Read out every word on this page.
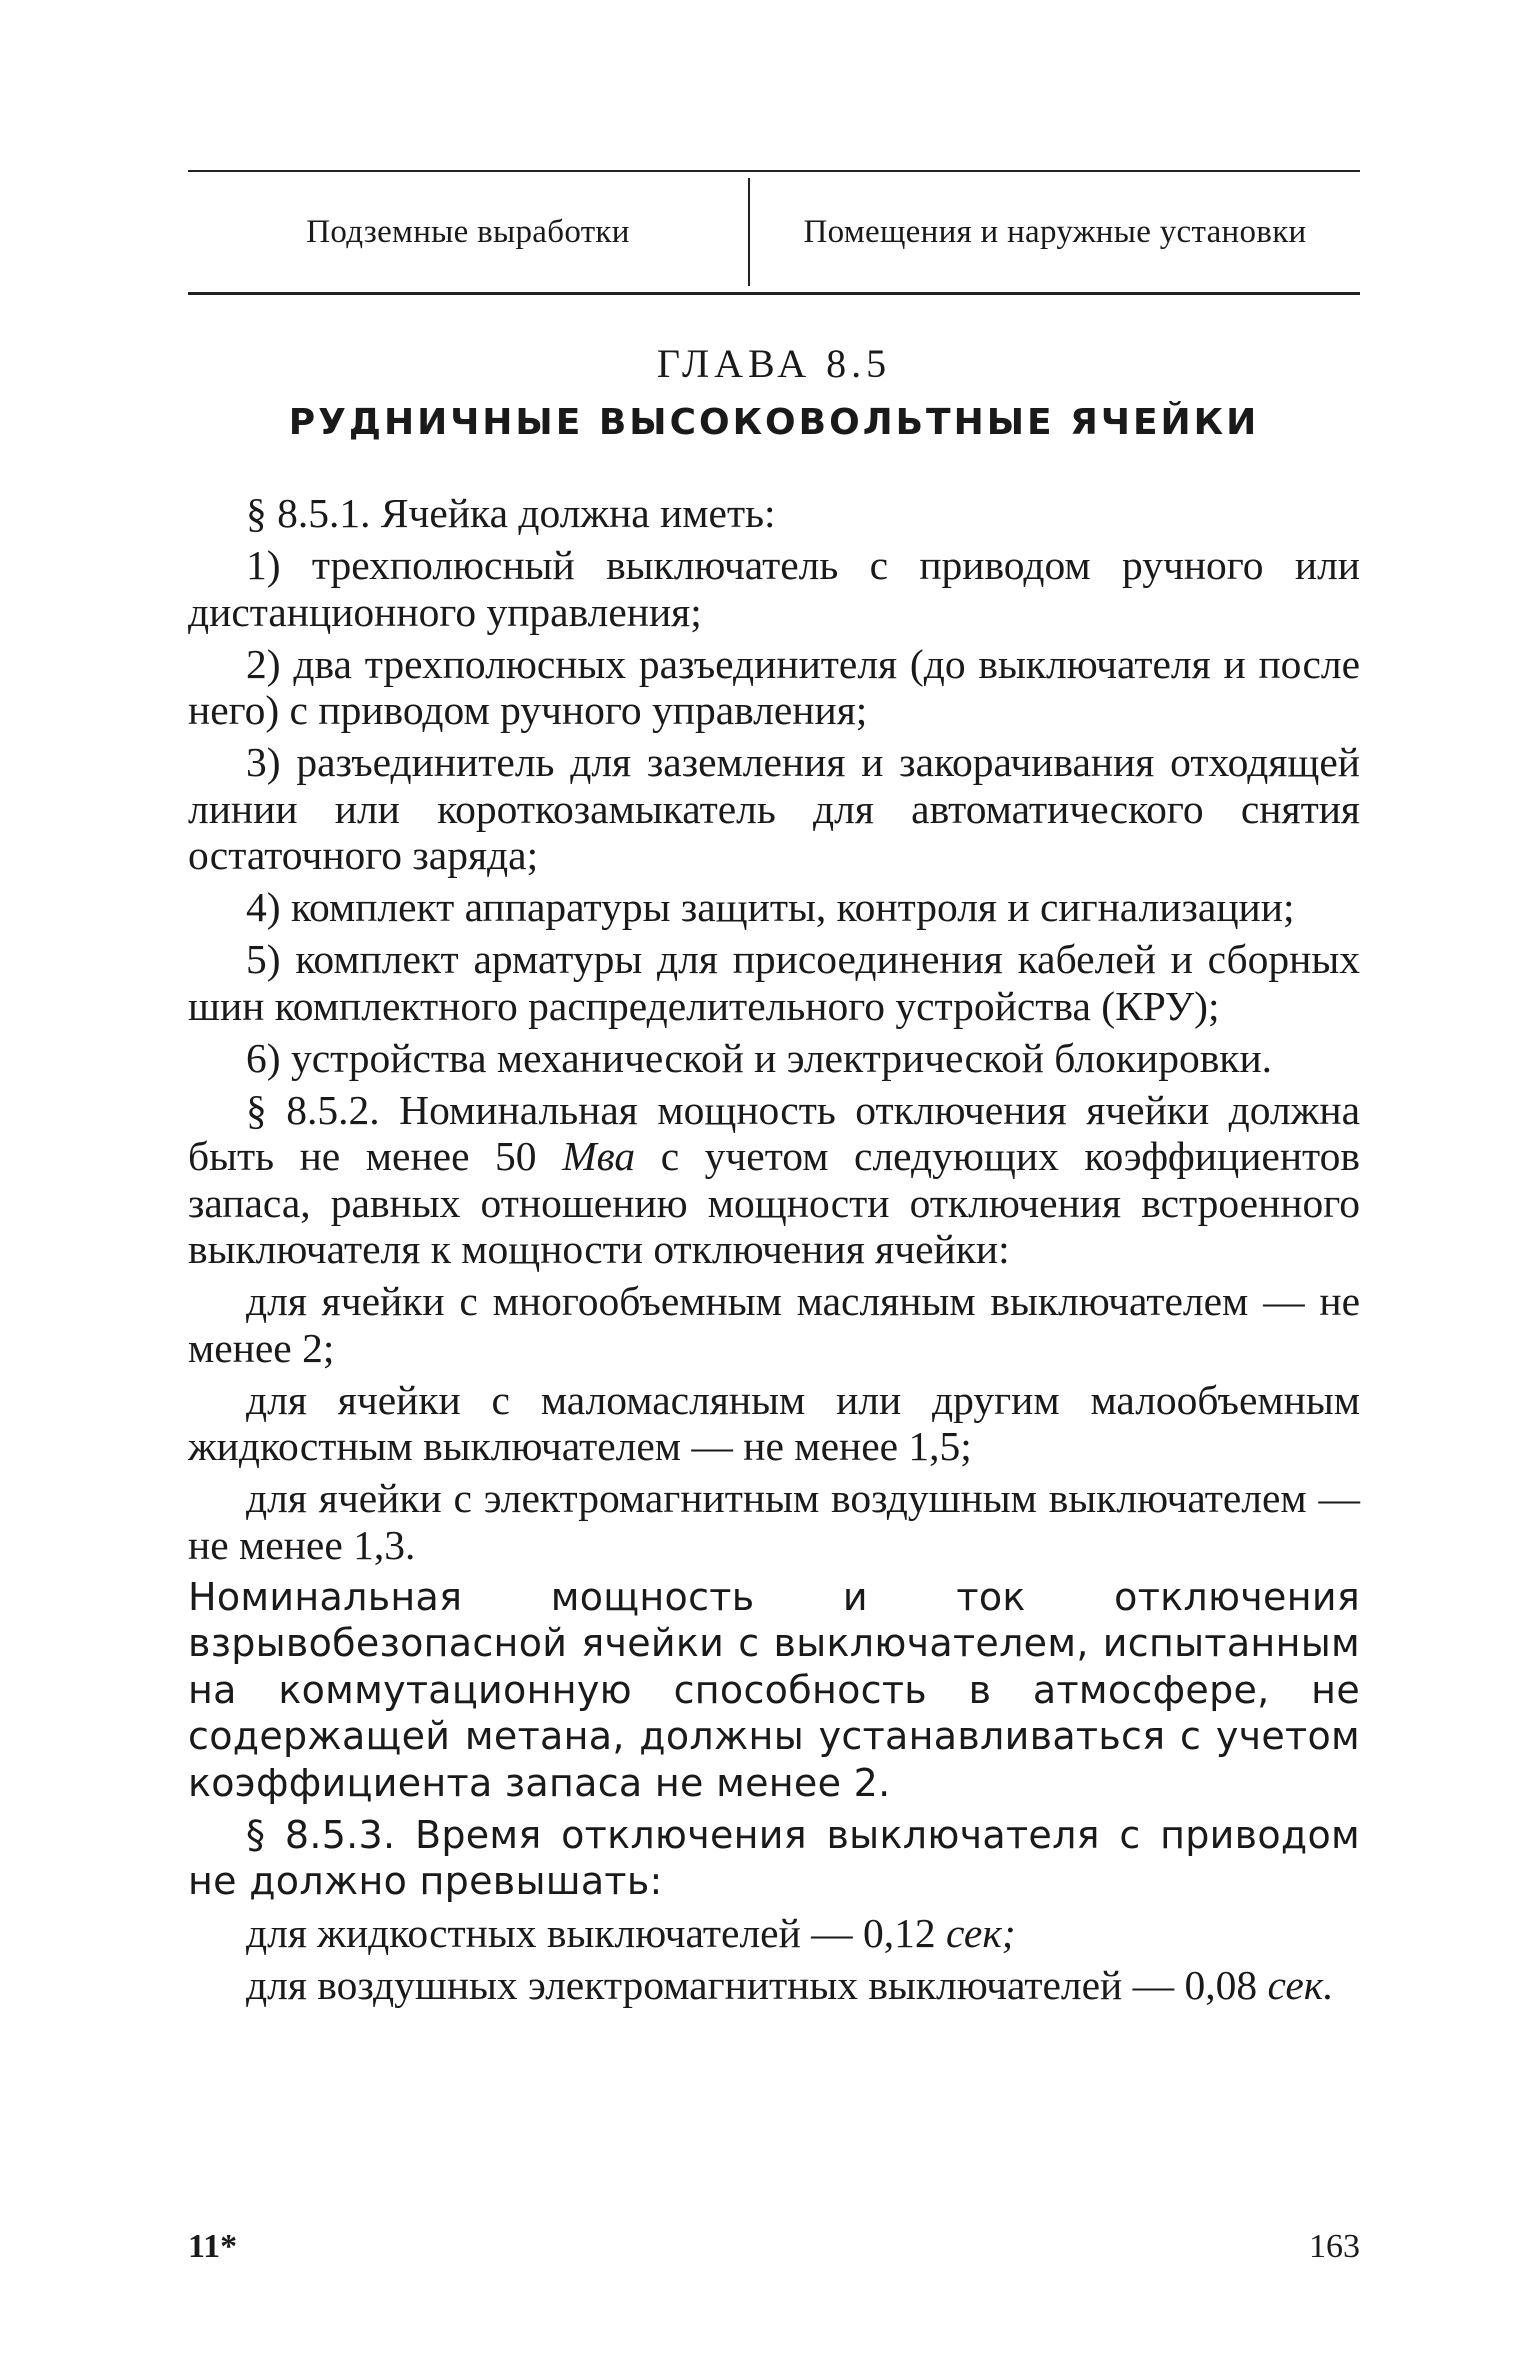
Подземные выработки	Помещения и наружные установки
ГЛАВА 8.5
РУДНИЧНЫЕ ВЫСОКОВОЛЬТНЫЕ ЯЧЕЙКИ

§ 8.5.1. Ячейка должна иметь:

1) трехполюсный выключатель с приводом ручного или дистанционного управления;

2) два трехполюсных разъединителя (до выключателя и после него) с приводом ручного управления;

3) разъединитель для заземления и закорачивания отходящей линии или короткозамыкатель для автоматического снятия остаточного заряда;

4) комплект аппаратуры защиты, контроля и сигнализации;

5) комплект арматуры для присоединения кабелей и сборных шин комплектного распределительного устройства (КРУ);

6) устройства механической и электрической блокировки.

§ 8.5.2. Номинальная мощность отключения ячейки должна быть не менее 50 Мва с учетом следующих коэффициентов запаса, равных отношению мощности отключения встроенного выключателя к мощности отключения ячейки:

для ячейки с многообъемным масляным выключателем — не менее 2;

для ячейки с маломасляным или другим малообъемным жидкостным выключателем — не менее 1,5;

для ячейки с электромагнитным воздушным выключателем — не менее 1,3.

Номинальная мощность и ток отключения взрывобезопасной ячейки с выключателем, испытанным на коммутационную способность в атмосфере, не содержащей метана, должны устанавливаться с учетом коэффициента запаса не менее 2.

§ 8.5.3. Время отключения выключателя с приводом не должно превышать:

для жидкостных выключателей — 0,12 сек;

для воздушных электромагнитных выключателей — 0,08 сек.

11*	163
